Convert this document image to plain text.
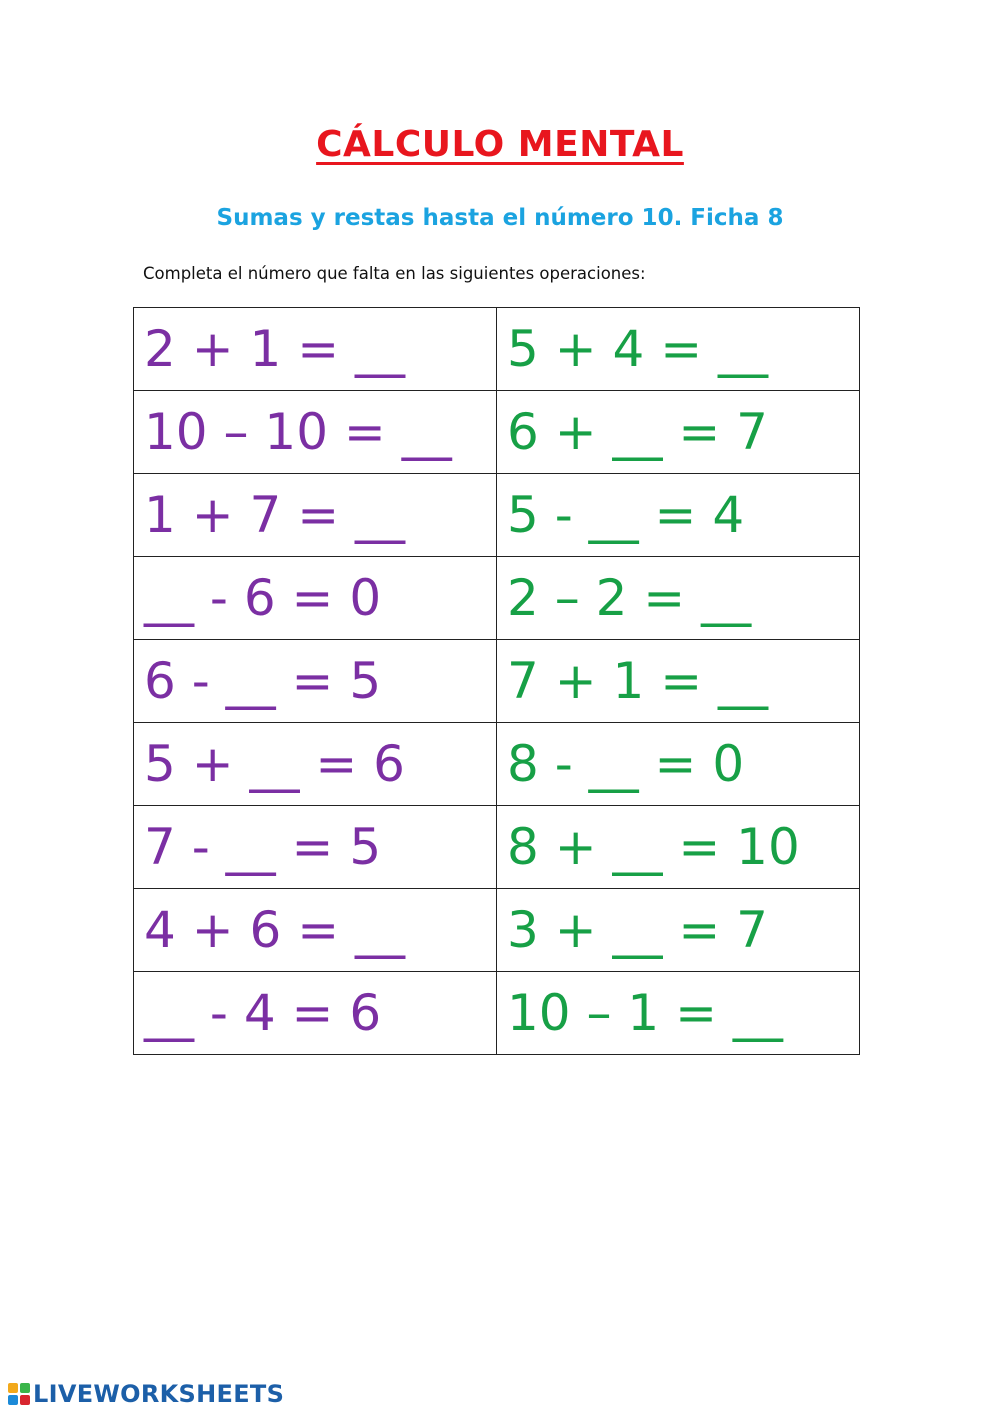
CÁLCULO MENTAL
Sumas y restas hasta el número 10. Ficha 8
Completa el número que falta en las siguientes operaciones:
2 + 1 = __	5 + 4 = __
10 – 10 = __	6 + __ = 7
1 + 7 = __	5 - __ = 4
__ - 6 = 0	2 – 2 = __
6 - __ = 5	7 + 1 = __
5 + __ = 6	8 - __ = 0
7 - __ = 5	8 + __ = 10
4 + 6 = __	3 + __ = 7
__ - 4 = 6	10 – 1 = __
LIVEWORKSHEETS
